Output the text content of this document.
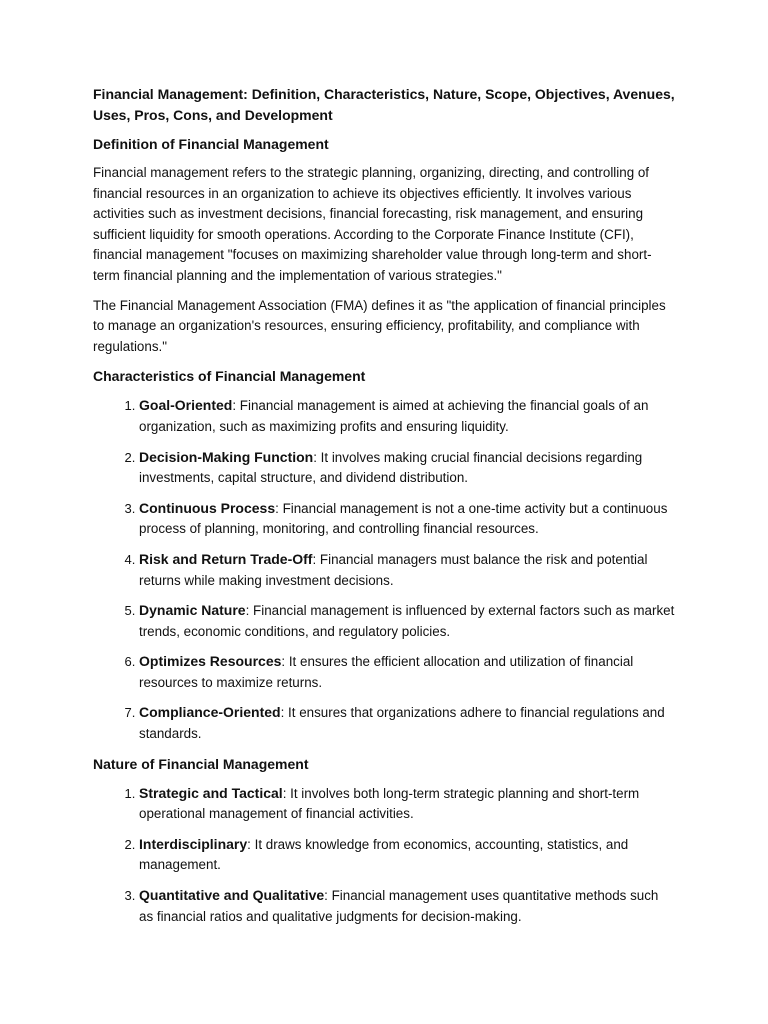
Financial Management: Definition, Characteristics, Nature, Scope, Objectives, Avenues, Uses, Pros, Cons, and Development
Definition of Financial Management

Financial management refers to the strategic planning, organizing, directing, and controlling of financial resources in an organization to achieve its objectives efficiently. It involves various activities such as investment decisions, financial forecasting, risk management, and ensuring sufficient liquidity for smooth operations. According to the Corporate Finance Institute (CFI), financial management "focuses on maximizing shareholder value through long-term and short-term financial planning and the implementation of various strategies."

The Financial Management Association (FMA) defines it as "the application of financial principles to manage an organization's resources, ensuring efficiency, profitability, and compliance with regulations."

Characteristics of Financial Management
1. Goal-Oriented: Financial management is aimed at achieving the financial goals of an organization, such as maximizing profits and ensuring liquidity.
2. Decision-Making Function: It involves making crucial financial decisions regarding investments, capital structure, and dividend distribution.
3. Continuous Process: Financial management is not a one-time activity but a continuous process of planning, monitoring, and controlling financial resources.
4. Risk and Return Trade-Off: Financial managers must balance the risk and potential returns while making investment decisions.
5. Dynamic Nature: Financial management is influenced by external factors such as market trends, economic conditions, and regulatory policies.
6. Optimizes Resources: It ensures the efficient allocation and utilization of financial resources to maximize returns.
7. Compliance-Oriented: It ensures that organizations adhere to financial regulations and standards.
Nature of Financial Management
1. Strategic and Tactical: It involves both long-term strategic planning and short-term operational management of financial activities.
2. Interdisciplinary: It draws knowledge from economics, accounting, statistics, and management.
3. Quantitative and Qualitative: Financial management uses quantitative methods such as financial ratios and qualitative judgments for decision-making.
